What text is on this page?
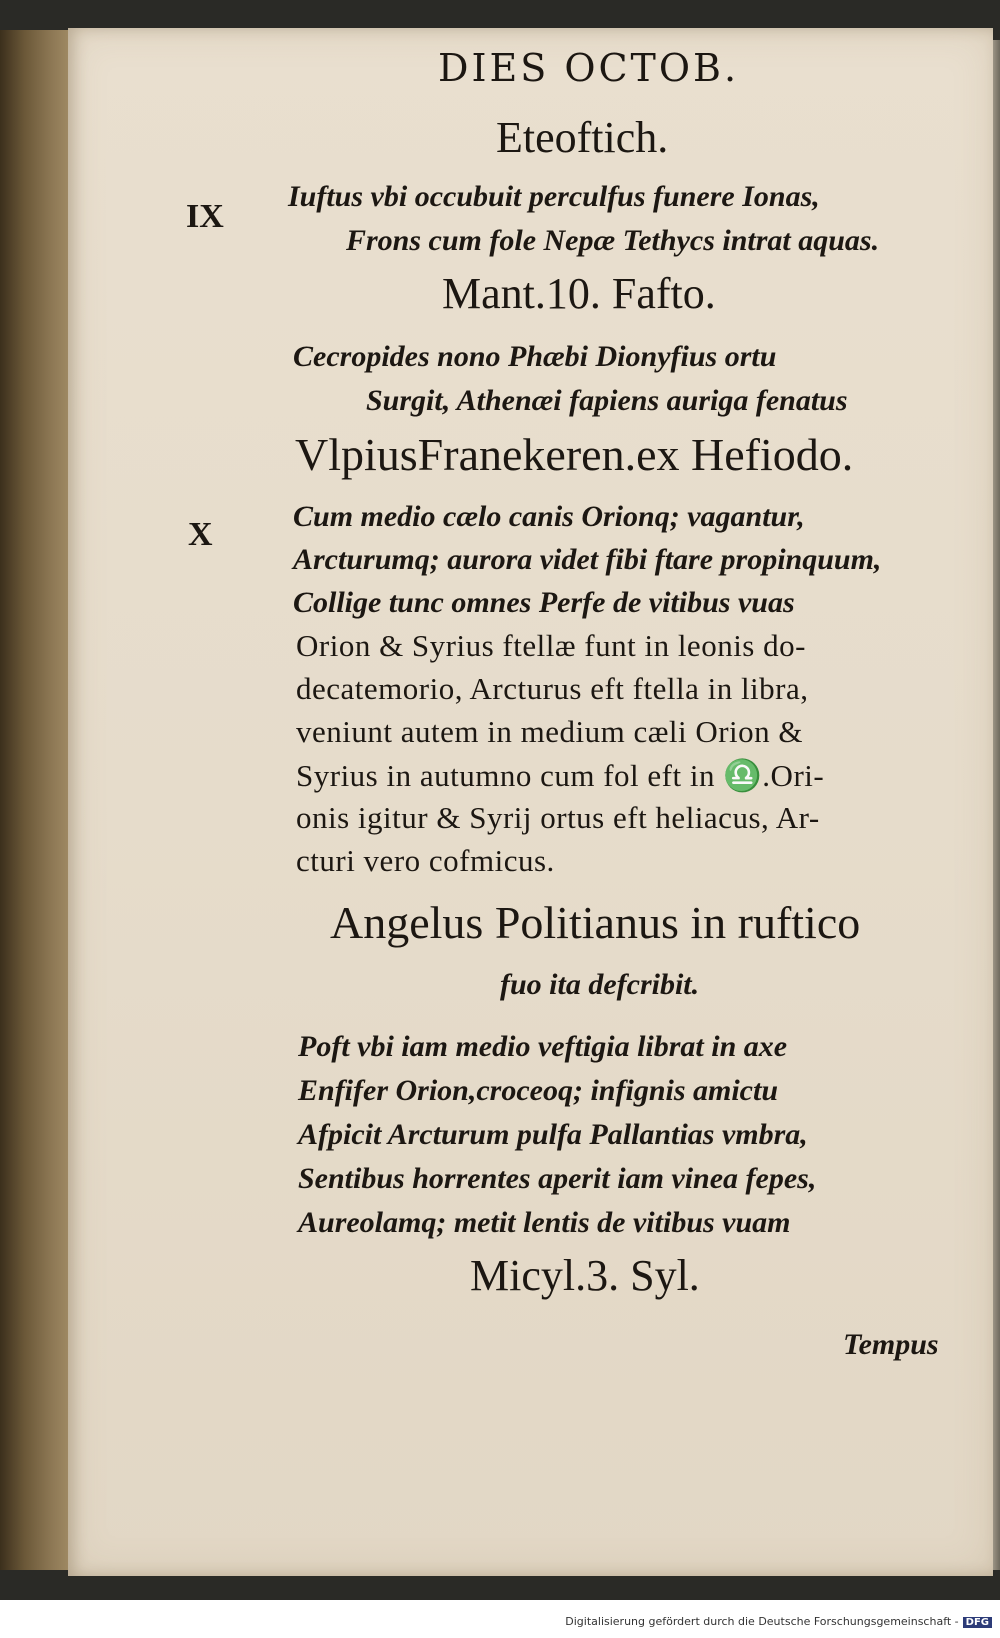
DIES OCTOB.
Eteoftich.
IX
Iuftus vbi occubuit perculfus funere Ionas,
Frons cum fole Nepæ Tethycs intrat aquas.
Mant.10. Fafto.
Cecropides nono Phæbi Dionyfius ortu
Surgit, Athenæi fapiens auriga fenatus
VlpiusFranekeren.ex Hefiodo.
X	Cum medio cælo canis Orionq; vagantur,
Arcturumq; aurora videt fibi ftare propinquum,
Collige tunc omnes Perfe de vitibus vuas
Orion & Syrius ftellæ funt in leonis do-
decatemorio, Arcturus eft ftella in libra,
veniunt autem in medium cæli Orion &
Syrius in autumno cum fol eft in ♎.Ori-
onis igitur & Syrij ortus eft heliacus, Ar-
cturi vero cofmicus.
Angelus Politianus in ruftico
fuo ita defcribit.
Poft vbi iam medio veftigia librat in axe
Enfifer Orion,croceoq; infignis amictu
Afpicit Arcturum pulfa Pallantias vmbra,
Sentibus horrentes aperit iam vinea fepes,
Aureolamq; metit lentis de vitibus vuam
Micyl.3. Syl.
Tempus
Digitalisierung gefördert durch die Deutsche Forschungsgemeinschaft - DFG
